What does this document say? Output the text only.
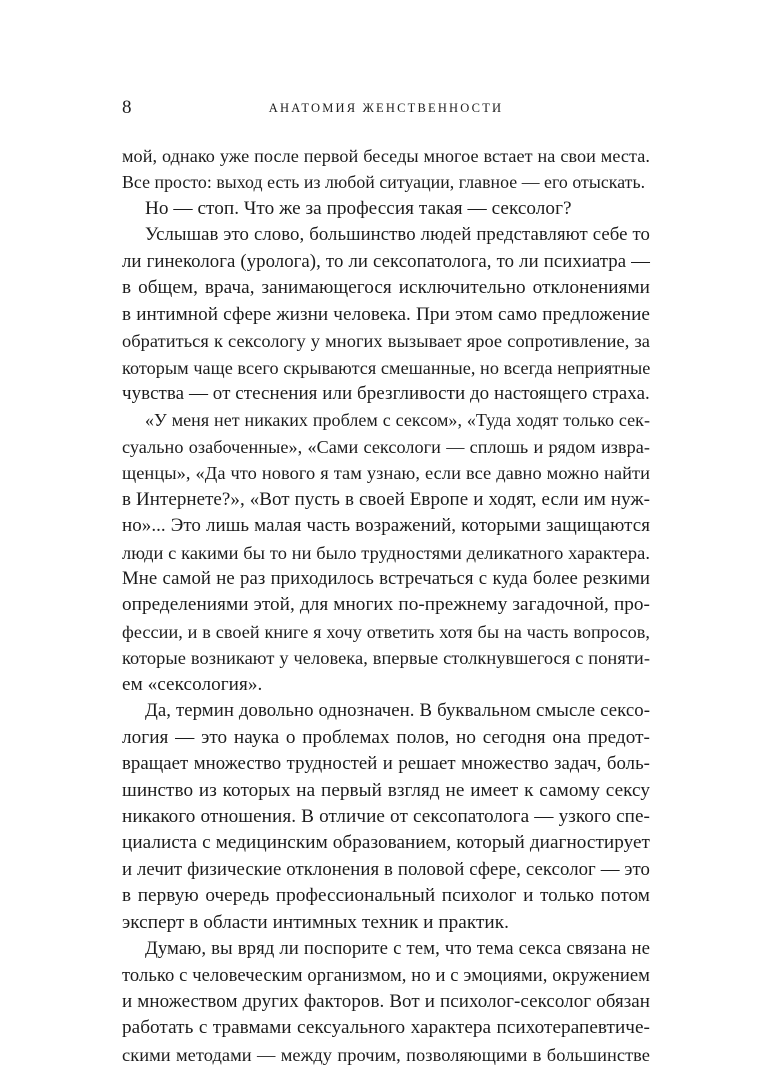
8	АНАТОМИЯ ЖЕНСТВЕННОСТИ
мой, однако уже после первой беседы многое встает на свои места.
Все просто: выход есть из любой ситуации, главное — его отыскать.
Но — стоп. Что же за профессия такая — сексолог?
Услышав это слово, большинство людей представляют себе то
ли гинеколога (уролога), то ли сексопатолога, то ли психиатра —
в общем, врача, занимающегося исключительно отклонениями
в интимной сфере жизни человека. При этом само предложение
обратиться к сексологу у многих вызывает ярое сопротивление, за
которым чаще всего скрываются смешанные, но всегда неприятные
чувства — от стеснения или брезгливости до настоящего страха.
«У меня нет никаких проблем с сексом», «Туда ходят только сек-
суально озабоченные», «Сами сексологи — сплошь и рядом извра-
щенцы», «Да что нового я там узнаю, если все давно можно найти
в Интернете?», «Вот пусть в своей Европе и ходят, если им нуж-
но»... Это лишь малая часть возражений, которыми защищаются
люди с какими бы то ни было трудностями деликатного характера.
Мне самой не раз приходилось встречаться с куда более резкими
определениями этой, для многих по-прежнему загадочной, про-
фессии, и в своей книге я хочу ответить хотя бы на часть вопросов,
которые возникают у человека, впервые столкнувшегося с поняти-
ем «сексология».
Да, термин довольно однозначен. В буквальном смысле сексо-
логия — это наука о проблемах полов, но сегодня она предот-
вращает множество трудностей и решает множество задач, боль-
шинство из которых на первый взгляд не имеет к самому сексу
никакого отношения. В отличие от сексопатолога — узкого спе-
циалиста с медицинским образованием, который диагностирует
и лечит физические отклонения в половой сфере, сексолог — это
в первую очередь профессиональный психолог и только потом
эксперт в области интимных техник и практик.
Думаю, вы вряд ли поспорите с тем, что тема секса связана не
только с человеческим организмом, но и с эмоциями, окружением
и множеством других факторов. Вот и психолог-сексолог обязан
работать с травмами сексуального характера психотерапевтиче-
скими методами — между прочим, позволяющими в большинстве
